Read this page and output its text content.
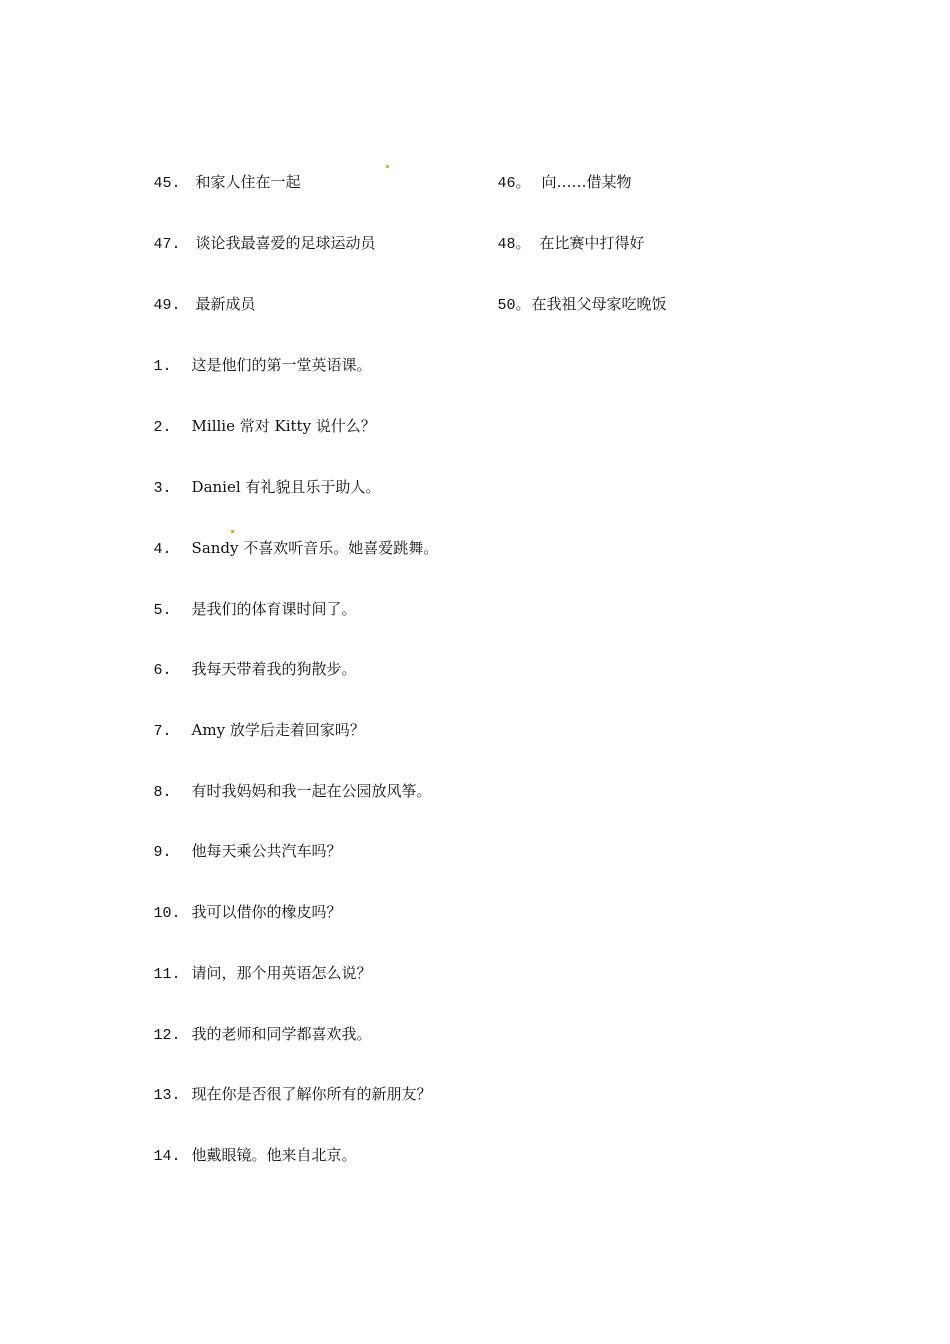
45. 和家人住在一起	46。 向……借某物

47. 谈论我最喜爱的足球运动员	48。 在比赛中打得好

49. 最新成员	50。在我祖父母家吃晚饭

1. 这是他们的第一堂英语课。

2. Millie 常对 Kitty 说什么？

3. Daniel 有礼貌且乐于助人。

4. Sandy 不喜欢听音乐。她喜爱跳舞。

5. 是我们的体育课时间了。

6. 我每天带着我的狗散步。

7. Amy 放学后走着回家吗？

8. 有时我妈妈和我一起在公园放风筝。

9. 他每天乘公共汽车吗？

10. 我可以借你的橡皮吗？

11. 请问，那个用英语怎么说？

12. 我的老师和同学都喜欢我。

13. 现在你是否很了解你所有的新朋友？

14. 他戴眼镜。他来自北京。
